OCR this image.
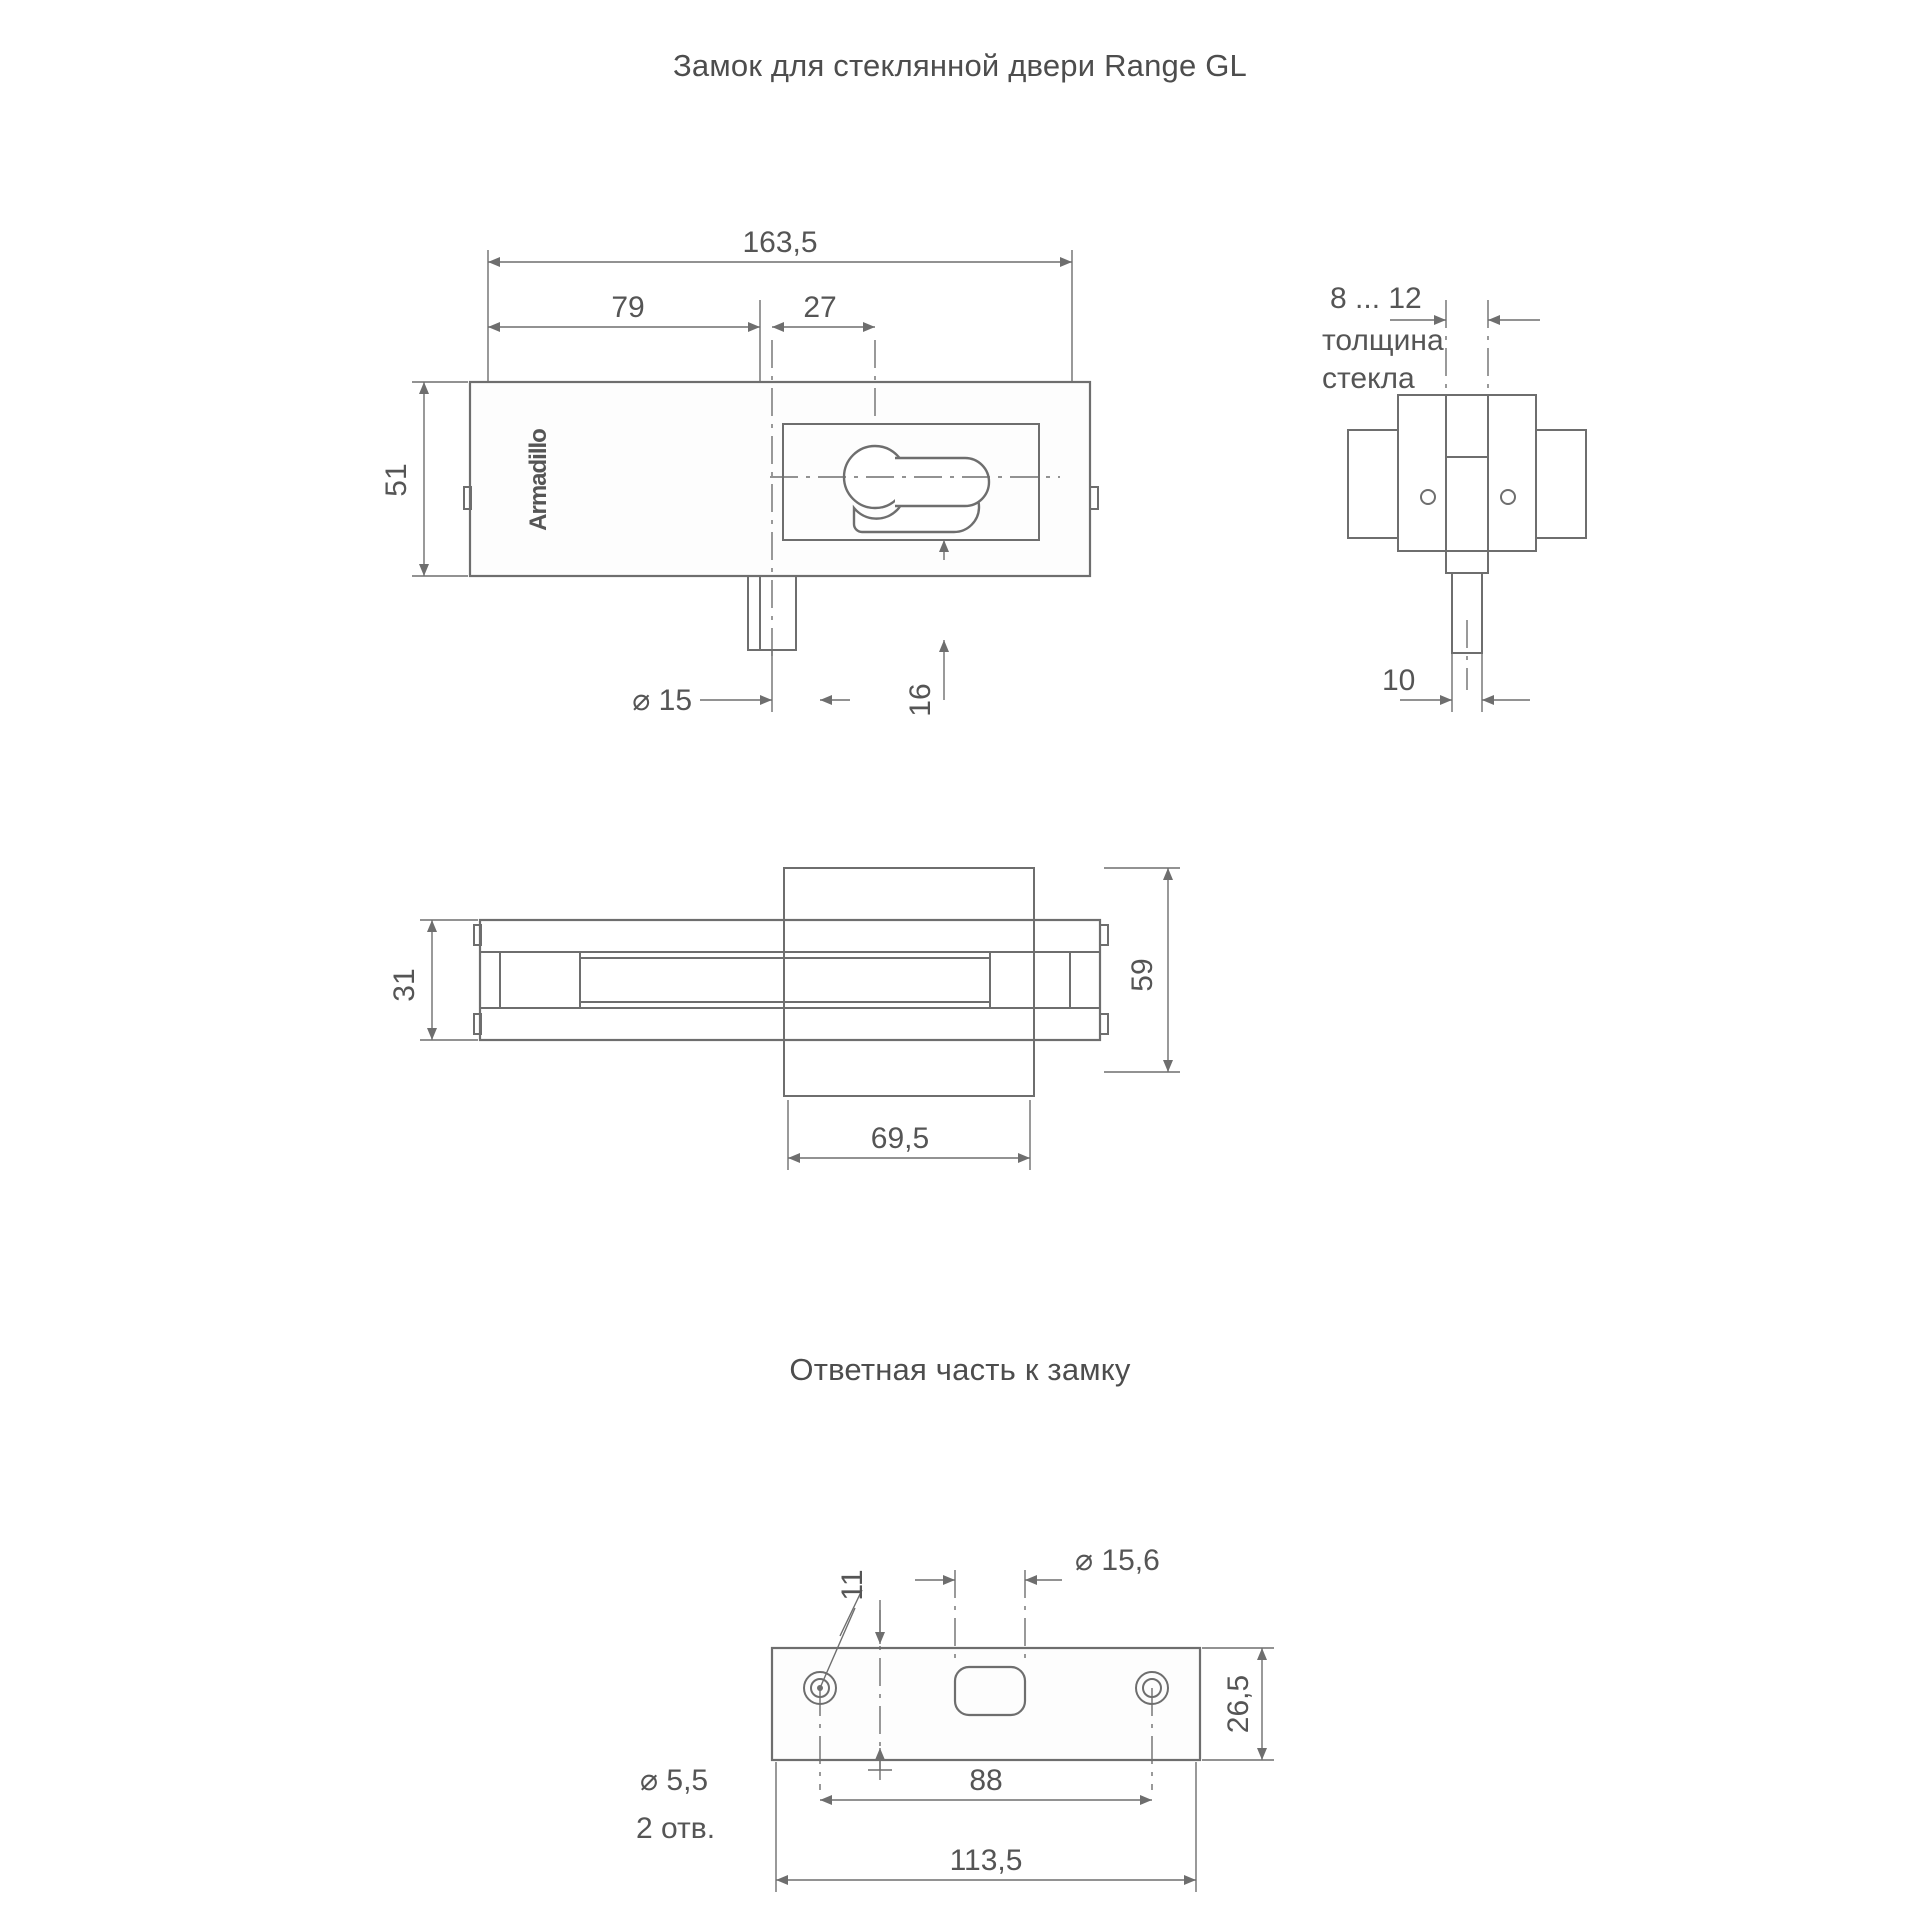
Замок для стеклянной двери Range GL
Ответная часть к замку
163,5
79	27
51
⌀ 15	16
8 ... 12
толщина
стекла
10
31	59
69,5
11
⌀ 15,6
⌀ 5,5
2 отв.
88
113,5
26,5
Armadillo
